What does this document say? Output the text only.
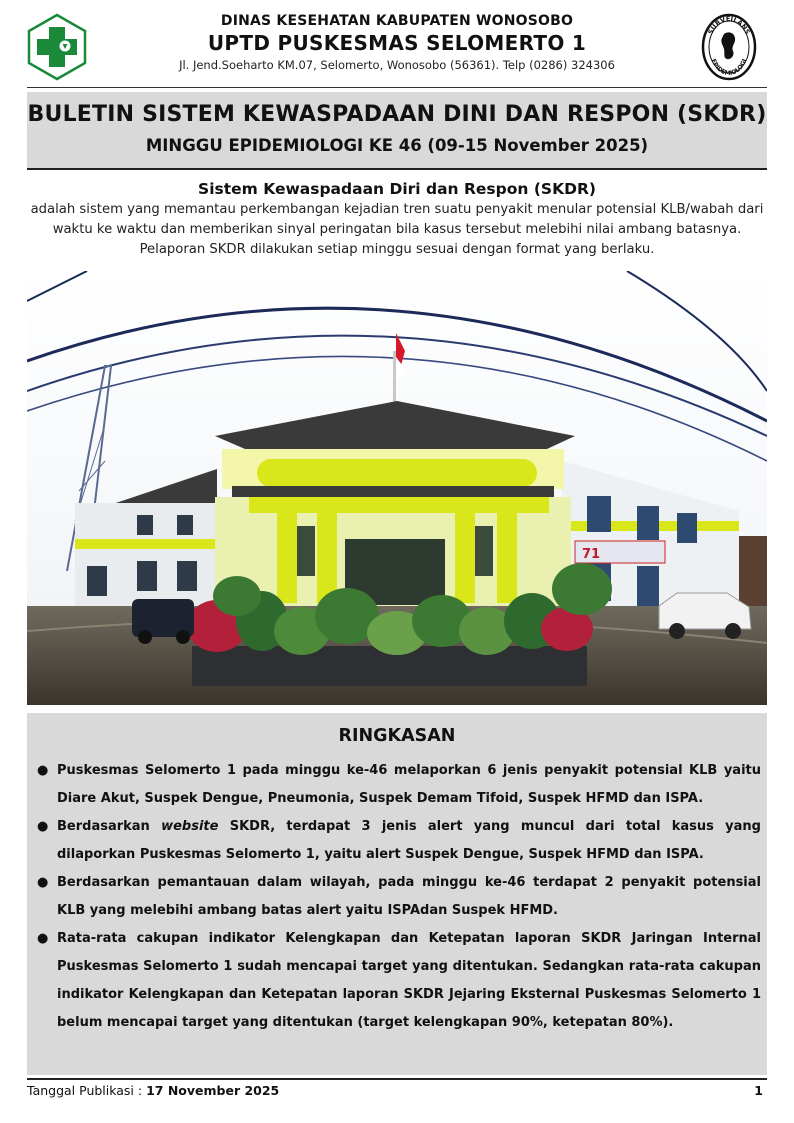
DINAS KESEHATAN KABUPATEN WONOSOBO
UPTD PUSKESMAS SELOMERTO 1
Jl. Jend.Soeharto KM.07, Selomerto, Wonosobo (56361). Telp (0286) 324306
SURVEILANS
EPIDEMIOLOGI
BULETIN SISTEM KEWASPADAAN DINI DAN RESPON (SKDR)
MINGGU EPIDEMIOLOGI KE 46 (09-15 November 2025)
Sistem Kewaspadaan Diri dan Respon (SKDR)
adalah sistem yang memantau perkembangan kejadian tren suatu penyakit menular potensial KLB/wabah dari waktu ke waktu dan memberikan sinyal peringatan bila kasus tersebut melebihi nilai ambang batasnya. Pelaporan SKDR dilakukan setiap minggu sesuai dengan format yang berlaku.
71
RINGKASAN
● Puskesmas Selomerto 1 pada minggu ke-46 melaporkan 6 jenis penyakit potensial KLB yaitu Diare Akut, Suspek Dengue, Pneumonia, Suspek Demam Tifoid, Suspek HFMD dan ISPA.
● Berdasarkan website SKDR, terdapat 3 jenis alert yang muncul dari total kasus yang dilaporkan Puskesmas Selomerto 1, yaitu alert Suspek Dengue, Suspek HFMD dan ISPA.
● Berdasarkan pemantauan dalam wilayah, pada minggu ke-46 terdapat 2 penyakit potensial KLB yang melebihi ambang batas alert yaitu ISPAdan Suspek HFMD.
● Rata-rata cakupan indikator Kelengkapan dan Ketepatan laporan SKDR Jaringan Internal Puskesmas Selomerto 1 sudah mencapai target yang ditentukan. Sedangkan rata-rata cakupan indikator Kelengkapan dan Ketepatan laporan SKDR Jejaring Eksternal Puskesmas Selomerto 1 belum mencapai target yang ditentukan (target kelengkapan 90%, ketepatan 80%).
Tanggal Publikasi : 17 November 2025	1
